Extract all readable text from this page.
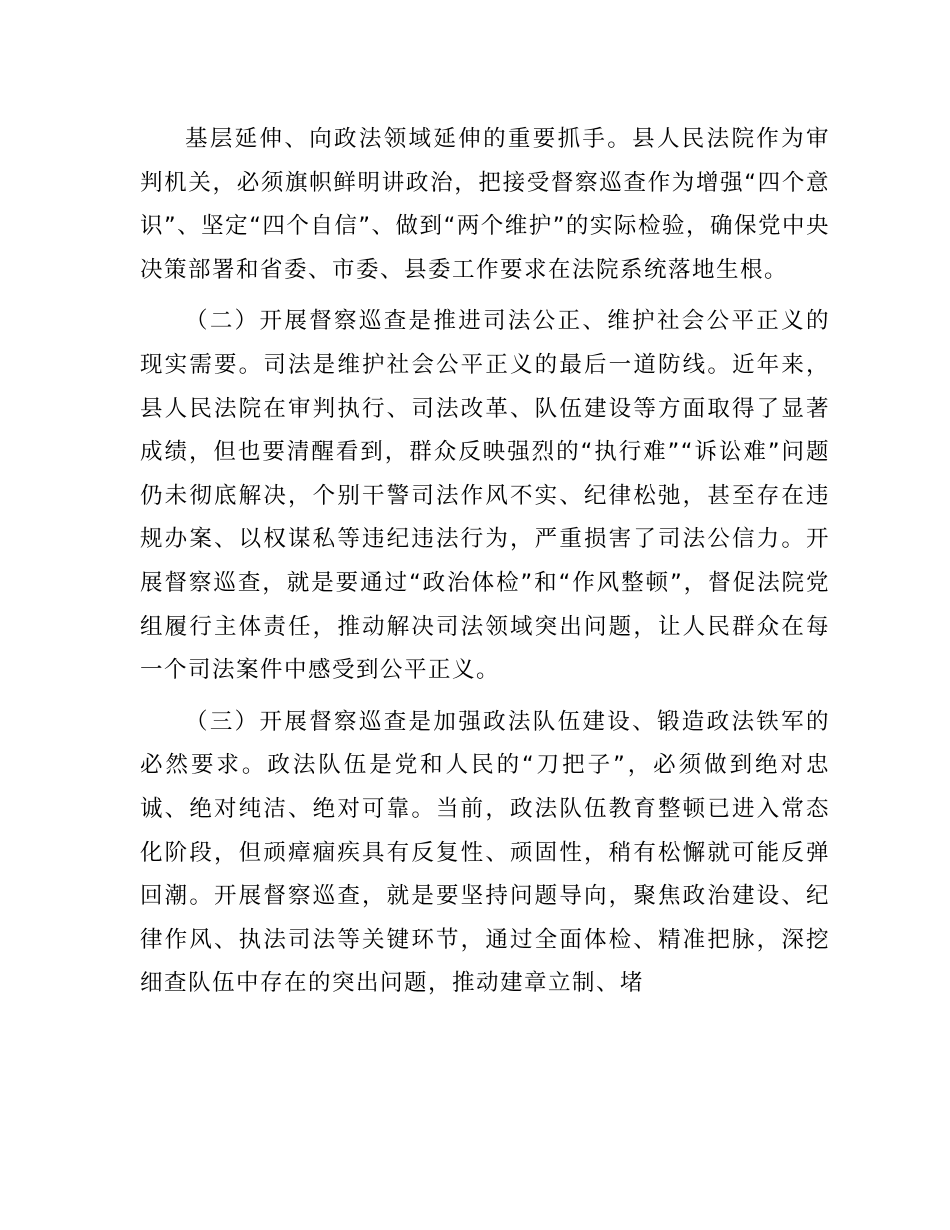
基层延伸、向政法领域延伸的重要抓手。县人民法院作为审判机关，必须旗帜鲜明讲政治，把接受督察巡查作为增强“四个意识”、坚定“四个自信”、做到“两个维护”的实际检验，确保党中央决策部署和省委、市委、县委工作要求在法院系统落地生根。

（二）开展督察巡查是推进司法公正、维护社会公平正义的现实需要。司法是维护社会公平正义的最后一道防线。近年来，县人民法院在审判执行、司法改革、队伍建设等方面取得了显著成绩，但也要清醒看到，群众反映强烈的“执行难”“诉讼难”问题仍未彻底解决，个别干警司法作风不实、纪律松弛，甚至存在违规办案、以权谋私等违纪违法行为，严重损害了司法公信力。开展督察巡查，就是要通过“政治体检”和“作风整顿”，督促法院党组履行主体责任，推动解决司法领域突出问题，让人民群众在每一个司法案件中感受到公平正义。

（三）开展督察巡查是加强政法队伍建设、锻造政法铁军的必然要求。政法队伍是党和人民的“刀把子”，必须做到绝对忠诚、绝对纯洁、绝对可靠。当前，政法队伍教育整顿已进入常态化阶段，但顽瘴痼疾具有反复性、顽固性，稍有松懈就可能反弹回潮。开展督察巡查，就是要坚持问题导向，聚焦政治建设、纪律作风、执法司法等关键环节，通过全面体检、精准把脉，深挖细查队伍中存在的突出问题，推动建章立制、堵
